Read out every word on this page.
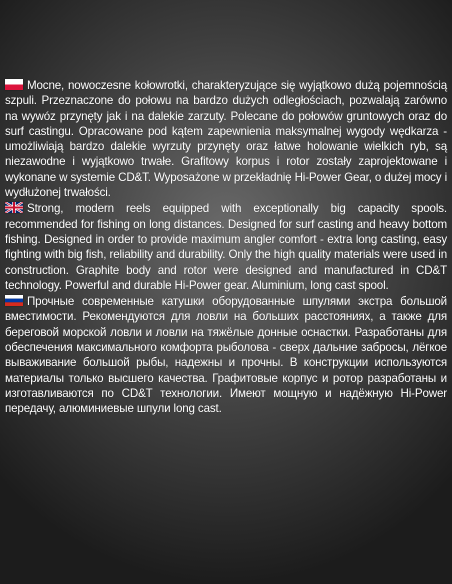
Mocne, nowoczesne kołowrotki, charakteryzujące się wyjątkowo dużą pojemnością szpuli. Przeznaczone do połowu na bardzo dużych odległościach, pozwalają zarówno na wywóz przynęty jak i na dalekie zarzuty. Polecane do połowów gruntowych oraz do surf castingu. Opracowane pod kątem zapewnienia maksymalnej wygody wędkarza - umożliwiają bardzo dalekie wyrzuty przynęty oraz łatwe holowanie wielkich ryb, są niezawodne i wyjątkowo trwałe. Grafitowy korpus i rotor zostały zaprojektowane i wykonane w systemie CD&T. Wyposażone w przekładnię Hi-Power Gear, o dużej mocy i wydłużonej trwałości.

Strong, modern reels equipped with exceptionally big capacity spools. recommended for fishing on long distances. Designed for surf casting and heavy bottom fishing. Designed in order to provide maximum angler comfort - extra long casting, easy fighting with big fish, reliability and durability. Only the high quality materials were used in construction. Graphite body and rotor were designed and manufactured in CD&T technology. Powerful and durable Hi-Power gear. Aluminium, long cast spool.

Прочные современные катушки оборудованные шпулями экстра большой вместимости. Рекомендуются для ловли на больших расстояниях, а также для береговой морской ловли и ловли на тяжёлые донные оснастки. Разработаны для обеспечения максимального комфорта рыболова - сверх дальние забросы, лёгкое вываживание большой рыбы, надежны и прочны. В конструкции используются материалы только высшего качества. Графитовые корпус и ротор разработаны и изготавливаются по CD&T технологии. Имеют мощную и надёжную Hi-Power передачу, алюминиевые шпули long cast.
